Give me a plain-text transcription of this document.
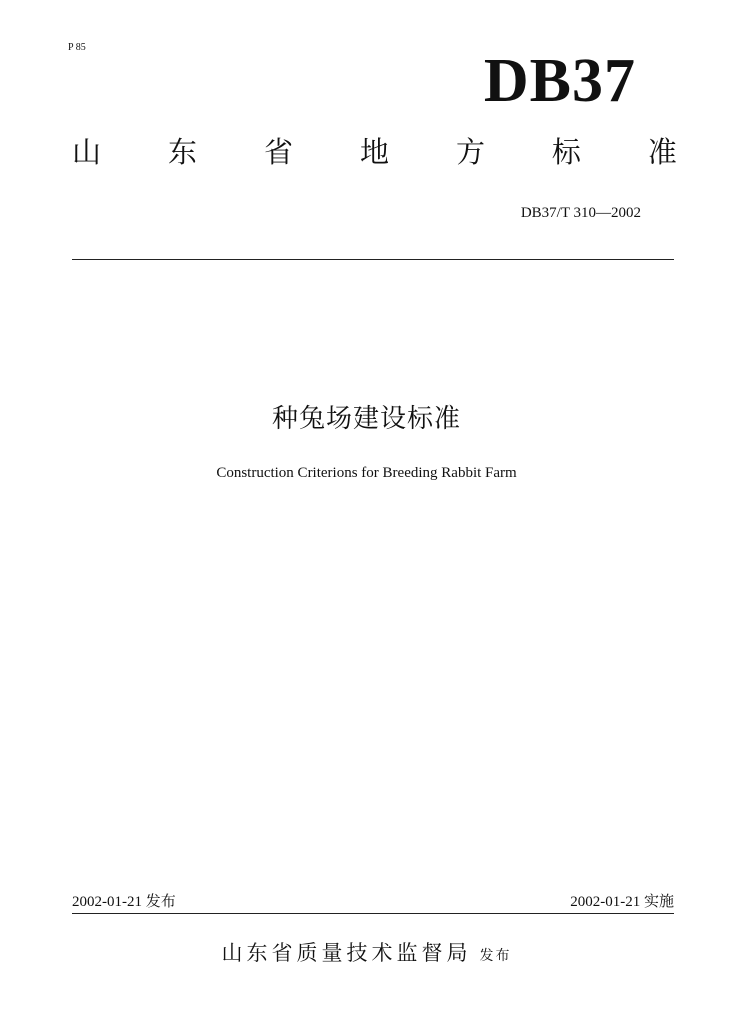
P 85	DB37
山 东 省 地 方 标 准
DB37/T 310—2002
种兔场建设标准
Construction Criterions for Breeding Rabbit Farm
2002-01-21 发布	2002-01-21 实施
山东省质量技术监督局 发布
